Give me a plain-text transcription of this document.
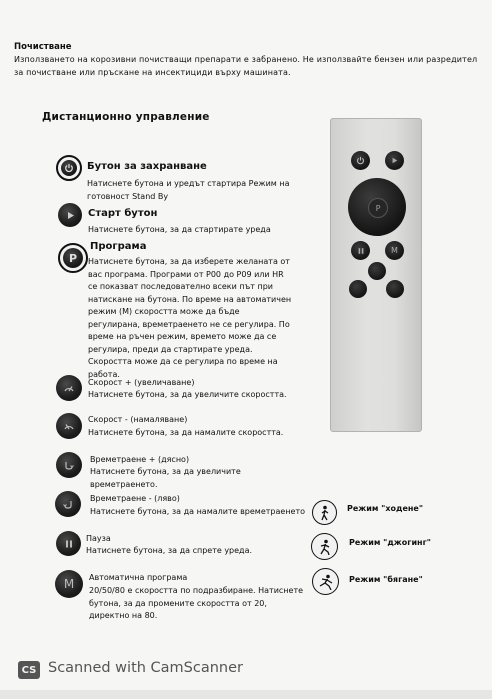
Почистване
Използването на корозивни почистващи препарати е забранено. Не използвайте бензен или разредител за почистване или пръскане на инсектициди върху машината.
Дистанционно управление
Бутон за захранване
Натиснете бутона и уредът стартира Режим на готовност Stand By
Старт бутон
Натиснете бутона, за да стартирате уреда
P
Програма
Натиснете бутона, за да изберете желаната от вас програма. Програми от P00 до P09 или HR се показват последователно всеки път при натискане на бутона. По време на автоматичен режим (M) скоростта може да бъде регулирана, времетраенето не се регулира. По време на ръчен режим, времето може да се регулира, преди да стартирате уреда. Скоростта може да се регулира по време на работа.
Скорост + (увеличаване)
Натиснете бутона, за да увеличите скоростта.
Скорост - (намаляване)
Натиснете бутона, за да намалите скоростта.
Времетраене + (дясно)
Натиснете бутона, за да увеличите времетраенето.
Времетраене - (ляво)
Натиснете бутона, за да намалите времетраенето
Пауза
Натиснете бутона, за да спрете уреда.
M Автоматична програма
20/50/80 е скоростта по подразбиране. Натиснете бутона, за да промените скоростта от 20, директно на 80.
P
M
Режим "ходене"
Режим "джогинг"
Режим "бягане"
CS Scanned with CamScanner
